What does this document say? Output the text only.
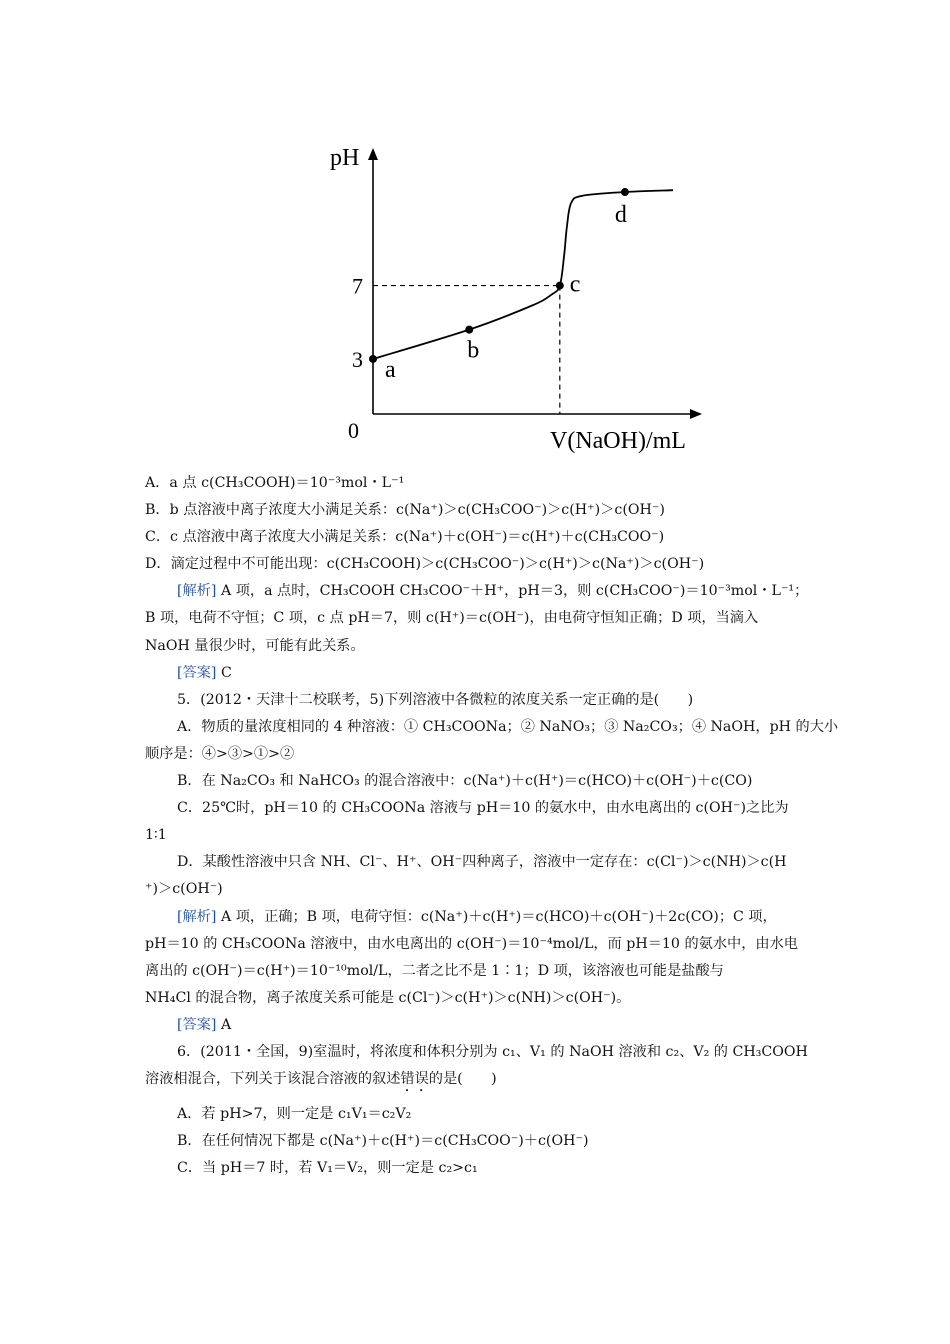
pH
V(NaOH)/mL
0
3
7
a
b
c
d
A．a 点 c(CH₃COOH)＝10⁻³mol・L⁻¹
B．b 点溶液中离子浓度大小满足关系：c(Na⁺)＞c(CH₃COO⁻)＞c(H⁺)＞c(OH⁻)
C．c 点溶液中离子浓度大小满足关系：c(Na⁺)＋c(OH⁻)＝c(H⁺)＋c(CH₃COO⁻)
D．滴定过程中不可能出现：c(CH₃COOH)＞c(CH₃COO⁻)＞c(H⁺)＞c(Na⁺)＞c(OH⁻)
[解析] A 项，a 点时，CH₃COOH CH₃COO⁻＋H⁺，pH＝3，则 c(CH₃COO⁻)＝10⁻³mol・L⁻¹；
B 项，电荷不守恒；C 项，c 点 pH＝7，则 c(H⁺)＝c(OH⁻)，由电荷守恒知正确；D 项，当滴入
NaOH 量很少时，可能有此关系。
[答案] C
5．(2012・天津十二校联考，5)下列溶液中各微粒的浓度关系一定正确的是(　　)
A．物质的量浓度相同的 4 种溶液：① CH₃COONa；② NaNO₃；③ Na₂CO₃；④ NaOH，pH 的大小
顺序是：④>③>①>②
B．在 Na₂CO₃ 和 NaHCO₃ 的混合溶液中：c(Na⁺)＋c(H⁺)＝c(HCO)＋c(OH⁻)＋c(CO)
C．25℃时，pH＝10 的 CH₃COONa 溶液与 pH＝10 的氨水中，由水电离出的 c(OH⁻)之比为
1∶1
D．某酸性溶液中只含 NH、Cl⁻、H⁺、OH⁻四种离子，溶液中一定存在：c(Cl⁻)＞c(NH)＞c(H
⁺)＞c(OH⁻)
[解析] A 项，正确；B 项，电荷守恒：c(Na⁺)＋c(H⁺)＝c(HCO)＋c(OH⁻)＋2c(CO)；C 项，
pH＝10 的 CH₃COONa 溶液中，由水电离出的 c(OH⁻)＝10⁻⁴mol/L，而 pH＝10 的氨水中，由水电
离出的 c(OH⁻)＝c(H⁺)＝10⁻¹⁰mol/L，二者之比不是 1∶1；D 项，该溶液也可能是盐酸与
NH₄Cl 的混合物，离子浓度关系可能是 c(Cl⁻)＞c(H⁺)＞c(NH)＞c(OH⁻)。
[答案] A
6．(2011・全国，9)室温时，将浓度和体积分别为 c₁、V₁ 的 NaOH 溶液和 c₂、V₂ 的 CH₃COOH
溶液相混合，下列关于该混合溶液的叙述错误的是(　　)
A．若 pH>7，则一定是 c₁V₁＝c₂V₂
B．在任何情况下都是 c(Na⁺)＋c(H⁺)＝c(CH₃COO⁻)＋c(OH⁻)
C．当 pH＝7 时，若 V₁＝V₂，则一定是 c₂>c₁
